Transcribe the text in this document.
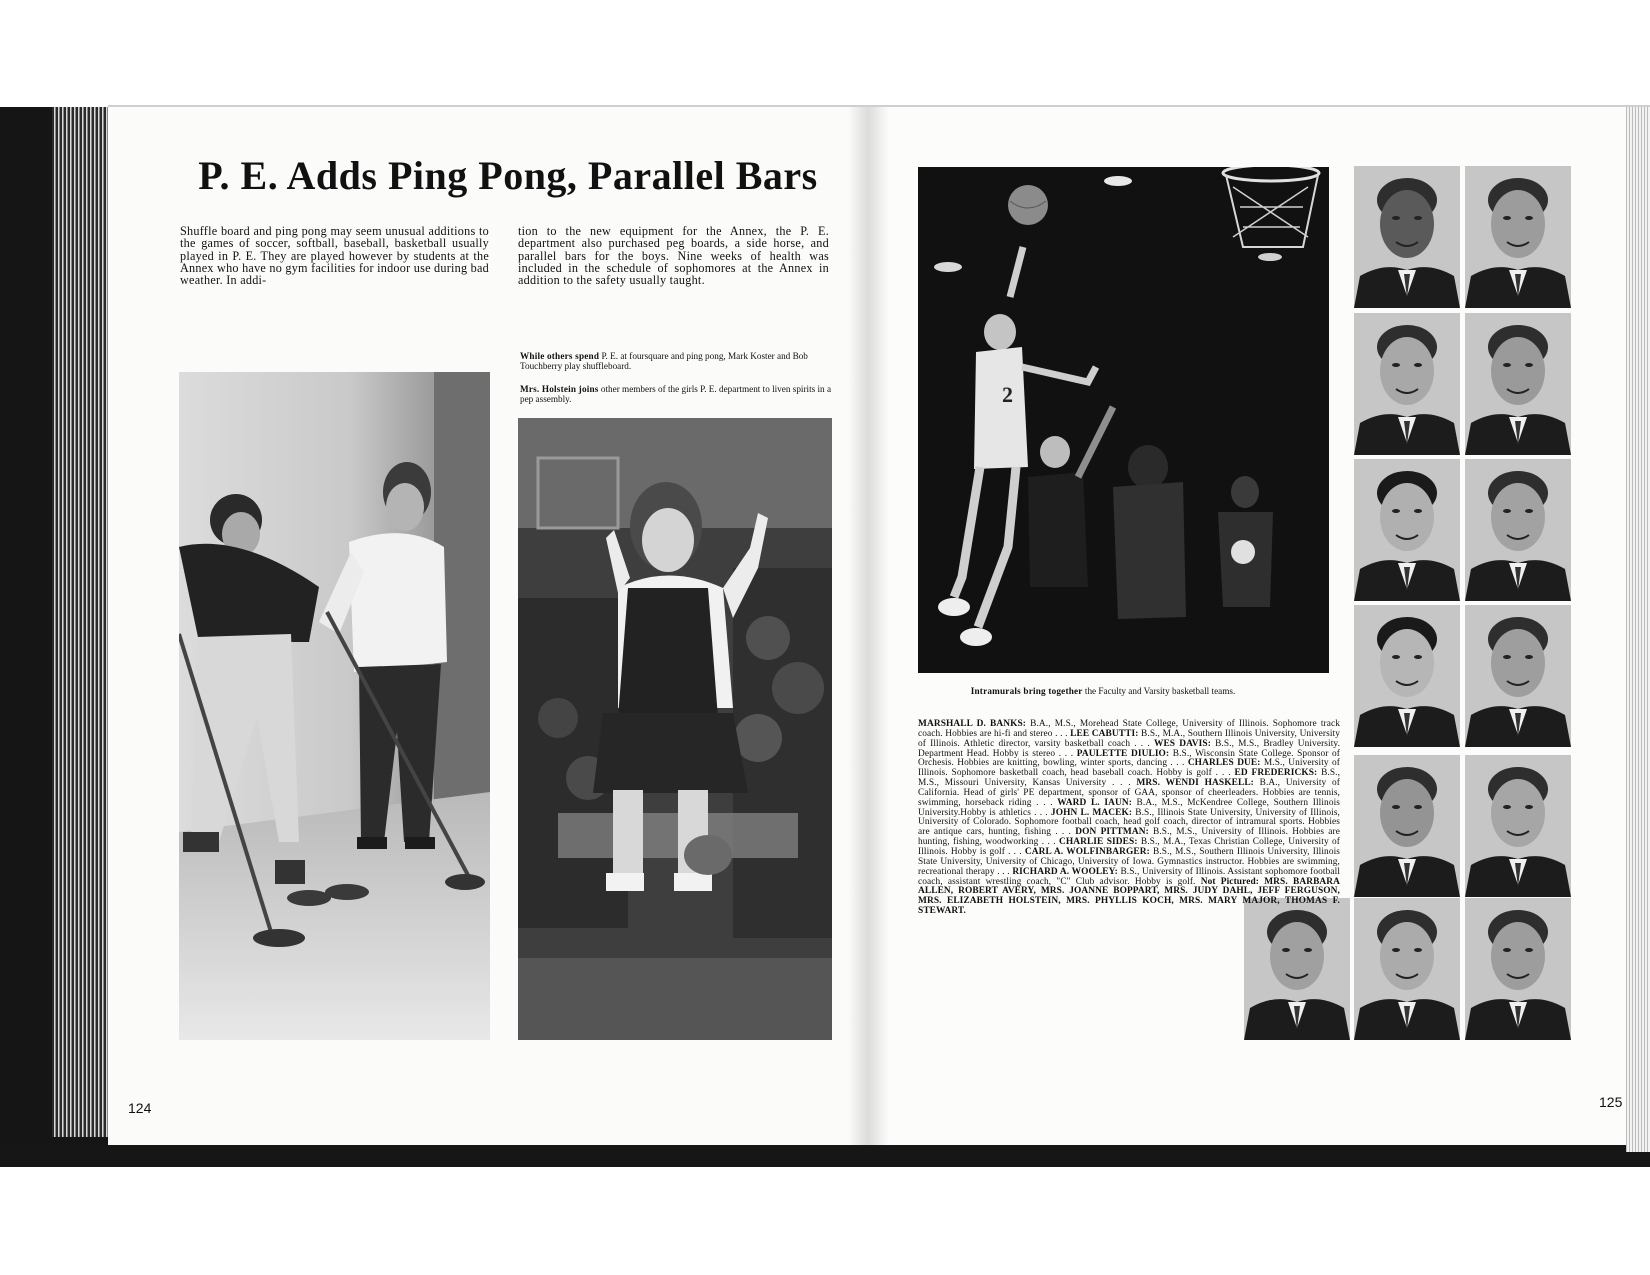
P. E. Adds Ping Pong, Parallel Bars
Shuffle board and ping pong may seem unusual additions to the games of soccer, softball, baseball, basketball usually played in P. E. They are played however by students at the Annex who have no gym facilities for indoor use during bad weather. In addi-
tion to the new equipment for the Annex, the P. E. department also purchased peg boards, a side horse, and parallel bars for the boys. Nine weeks of health was included in the schedule of sophomores at the Annex in addition to the safety usually taught.
While others spend P. E. at foursquare and ping pong, Mark Koster and Bob Touchberry play shuffleboard.
Mrs. Holstein joins other members of the girls P. E. department to liven spirits in a pep assembly.	2
Intramurals bring together the Faculty and Varsity basketball teams.
MARSHALL D. BANKS: B.A., M.S., Morehead State College, University of Illinois. Sophomore track coach. Hobbies are hi-fi and stereo . . . LEE CABUTTI: B.S., M.A., Southern Illinois University, University of Illinois. Athletic director, varsity basketball coach . . . WES DAVIS: B.S., M.S., Bradley University. Department Head. Hobby is stereo . . . PAULETTE DIULIO: B.S., Wisconsin State College. Sponsor of Orchesis. Hobbies are knitting, bowling, winter sports, dancing . . . CHARLES DUE: M.S., University of Illinois. Sophomore basketball coach, head baseball coach. Hobby is golf . . . ED FREDERICKS: B.S., M.S., Missouri University, Kansas University . . . MRS. WENDI HASKELL: B.A., University of California. Head of girls' PE department, sponsor of GAA, sponsor of cheerleaders. Hobbies are tennis, swimming, horseback riding . . . WARD L. IAUN: B.A., M.S., McKendree College, Southern Illinois University.Hobby is athletics . . . JOHN L. MACEK: B.S., Illinois State University, University of Illinois, University of Colorado. Sophomore football coach, head golf coach, director of intramural sports. Hobbies are antique cars, hunting, fishing . . . DON PITTMAN: B.S., M.S., University of Illinois. Hobbies are hunting, fishing, woodworking . . . CHARLIE SIDES: B.S., M.A., Texas Christian College, University of Illinois. Hobby is golf . . . CARL A. WOLFINBARGER: B.S., M.S., Southern Illinois University, Illinois State University, University of Chicago, University of Iowa. Gymnastics instructor. Hobbies are swimming, recreational therapy . . . RICHARD A. WOOLEY: B.S., University of Illinois. Assistant sophomore football coach, assistant wrestling coach, "C" Club advisor. Hobby is golf. Not Pictured: MRS. BARBARA ALLEN, ROBERT AVERY, MRS. JOANNE BOPPART, MRS. JUDY DAHL, JEFF FERGUSON, MRS. ELIZABETH HOLSTEIN, MRS. PHYLLIS KOCH, MRS. MARY MAJOR, THOMAS F. STEWART.
124	125
